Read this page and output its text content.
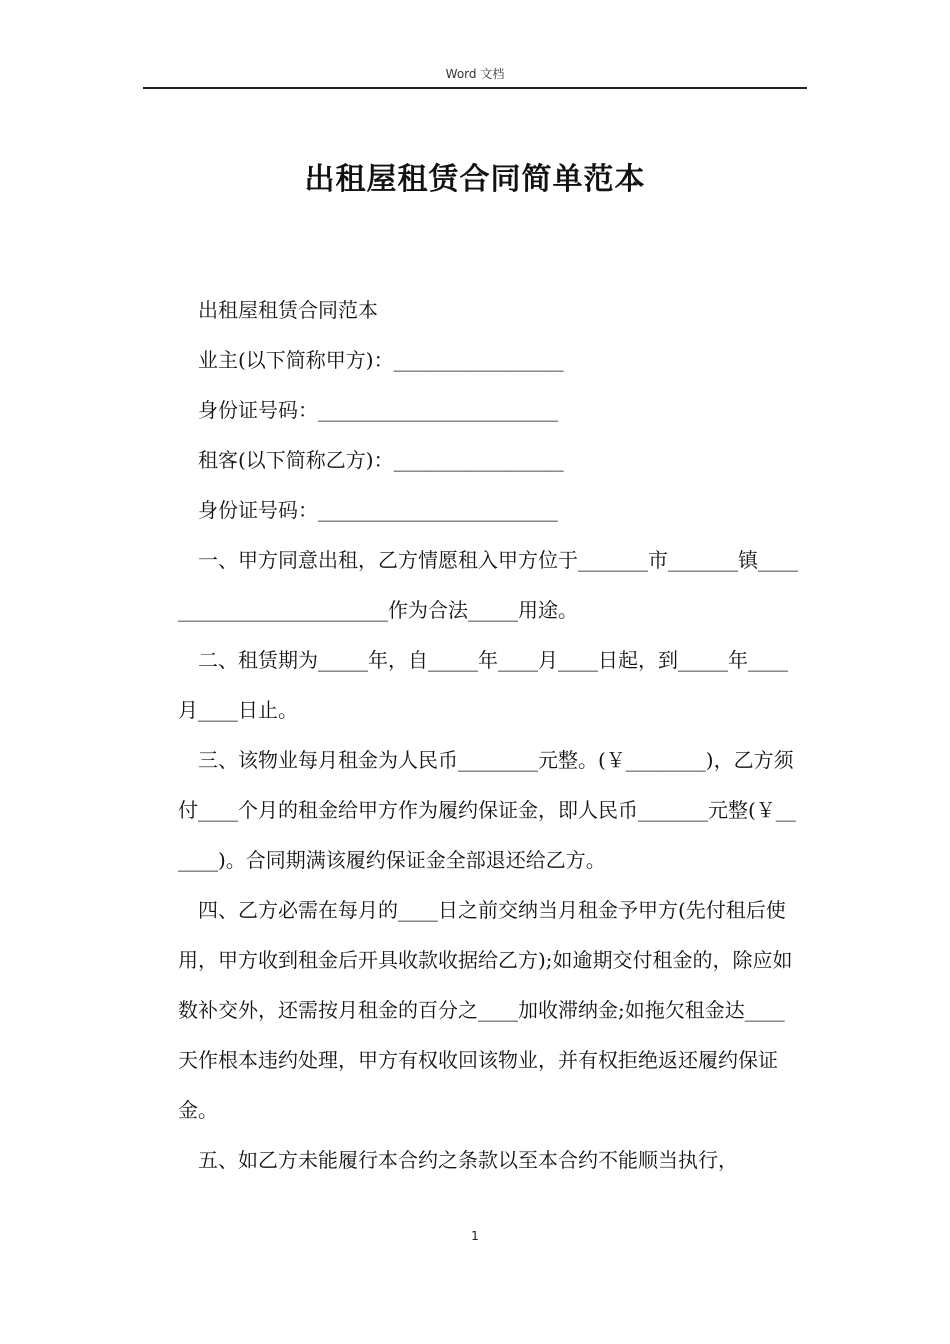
Word 文档
出租屋租赁合同简单范本

出租屋租赁合同范本

业主(以下简称甲方)：_________________

身份证号码：________________________

租客(以下简称乙方)：_________________

身份证号码：________________________

一、甲方同意出租，乙方情愿租入甲方位于_______市_______镇_________________________作为合法_____用途。

二、租赁期为_____年，自_____年____月____日起，到_____年____月____日止。

三、该物业每月租金为人民币________元整。(￥________)，乙方须付____个月的租金给甲方作为履约保证金，即人民币_______元整(￥______)。合同期满该履约保证金全部退还给乙方。

四、乙方必需在每月的____日之前交纳当月租金予甲方(先付租后使用，甲方收到租金后开具收款收据给乙方);如逾期交付租金的，除应如数补交外，还需按月租金的百分之____加收滞纳金;如拖欠租金达____天作根本违约处理，甲方有权收回该物业，并有权拒绝返还履约保证金。

五、如乙方未能履行本合约之条款以至本合约不能顺当执行，

1
